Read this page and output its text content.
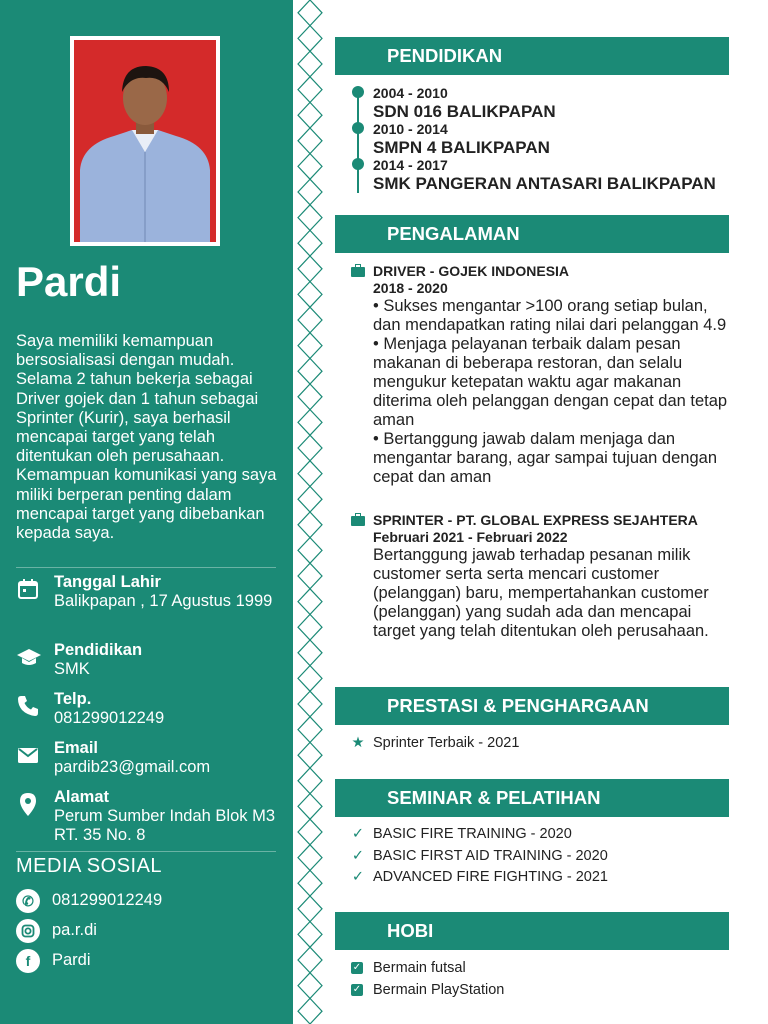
Pardi
Saya memiliki kemampuan bersosialisasi dengan mudah. Selama 2 tahun bekerja sebagai Driver gojek dan 1 tahun sebagai Sprinter (Kurir), saya berhasil mencapai target yang telah ditentukan oleh perusahaan. Kemampuan komunikasi yang saya miliki berperan penting dalam mencapai target yang dibebankan kepada saya.
Tanggal Lahir
Balikpapan , 17 Agustus 1999
Pendidikan
SMK
Telp.
081299012249
Email
pardib23@gmail.com
Alamat
Perum Sumber Indah Blok M3 RT. 35 No. 8
MEDIA SOSIAL
✆	081299012249
pa.r.di
f	Pardi
PENDIDIKAN
2004 - 2010
SDN 016 BALIKPAPAN
2010 - 2014
SMPN 4 BALIKPAPAN
2014 - 2017
SMK PANGERAN ANTASARI BALIKPAPAN
PENGALAMAN
DRIVER - GOJEK INDONESIA
2018 - 2020
• Sukses mengantar >100 orang setiap bulan, dan mendapatkan rating nilai dari pelanggan 4.9
• Menjaga pelayanan terbaik dalam pesan makanan di beberapa restoran, dan selalu mengukur ketepatan waktu agar makanan diterima oleh pelanggan dengan cepat dan tetap aman
• Bertanggung jawab dalam menjaga dan mengantar barang, agar sampai tujuan dengan cepat dan aman
SPRINTER - PT. GLOBAL EXPRESS SEJAHTERA
Februari 2021 - Februari 2022
Bertanggung jawab terhadap pesanan milik customer serta serta mencari customer (pelanggan) baru, mempertahankan customer (pelanggan) yang sudah ada dan mencapai target yang telah ditentukan oleh perusahaan.
PRESTASI & PENGHARGAAN
★ Sprinter Terbaik - 2021
SEMINAR & PELATIHAN
✓ BASIC FIRE TRAINING - 2020
✓ BASIC FIRST AID TRAINING - 2020
✓ ADVANCED FIRE FIGHTING - 2021
HOBI
✓ Bermain futsal
✓ Bermain PlayStation
